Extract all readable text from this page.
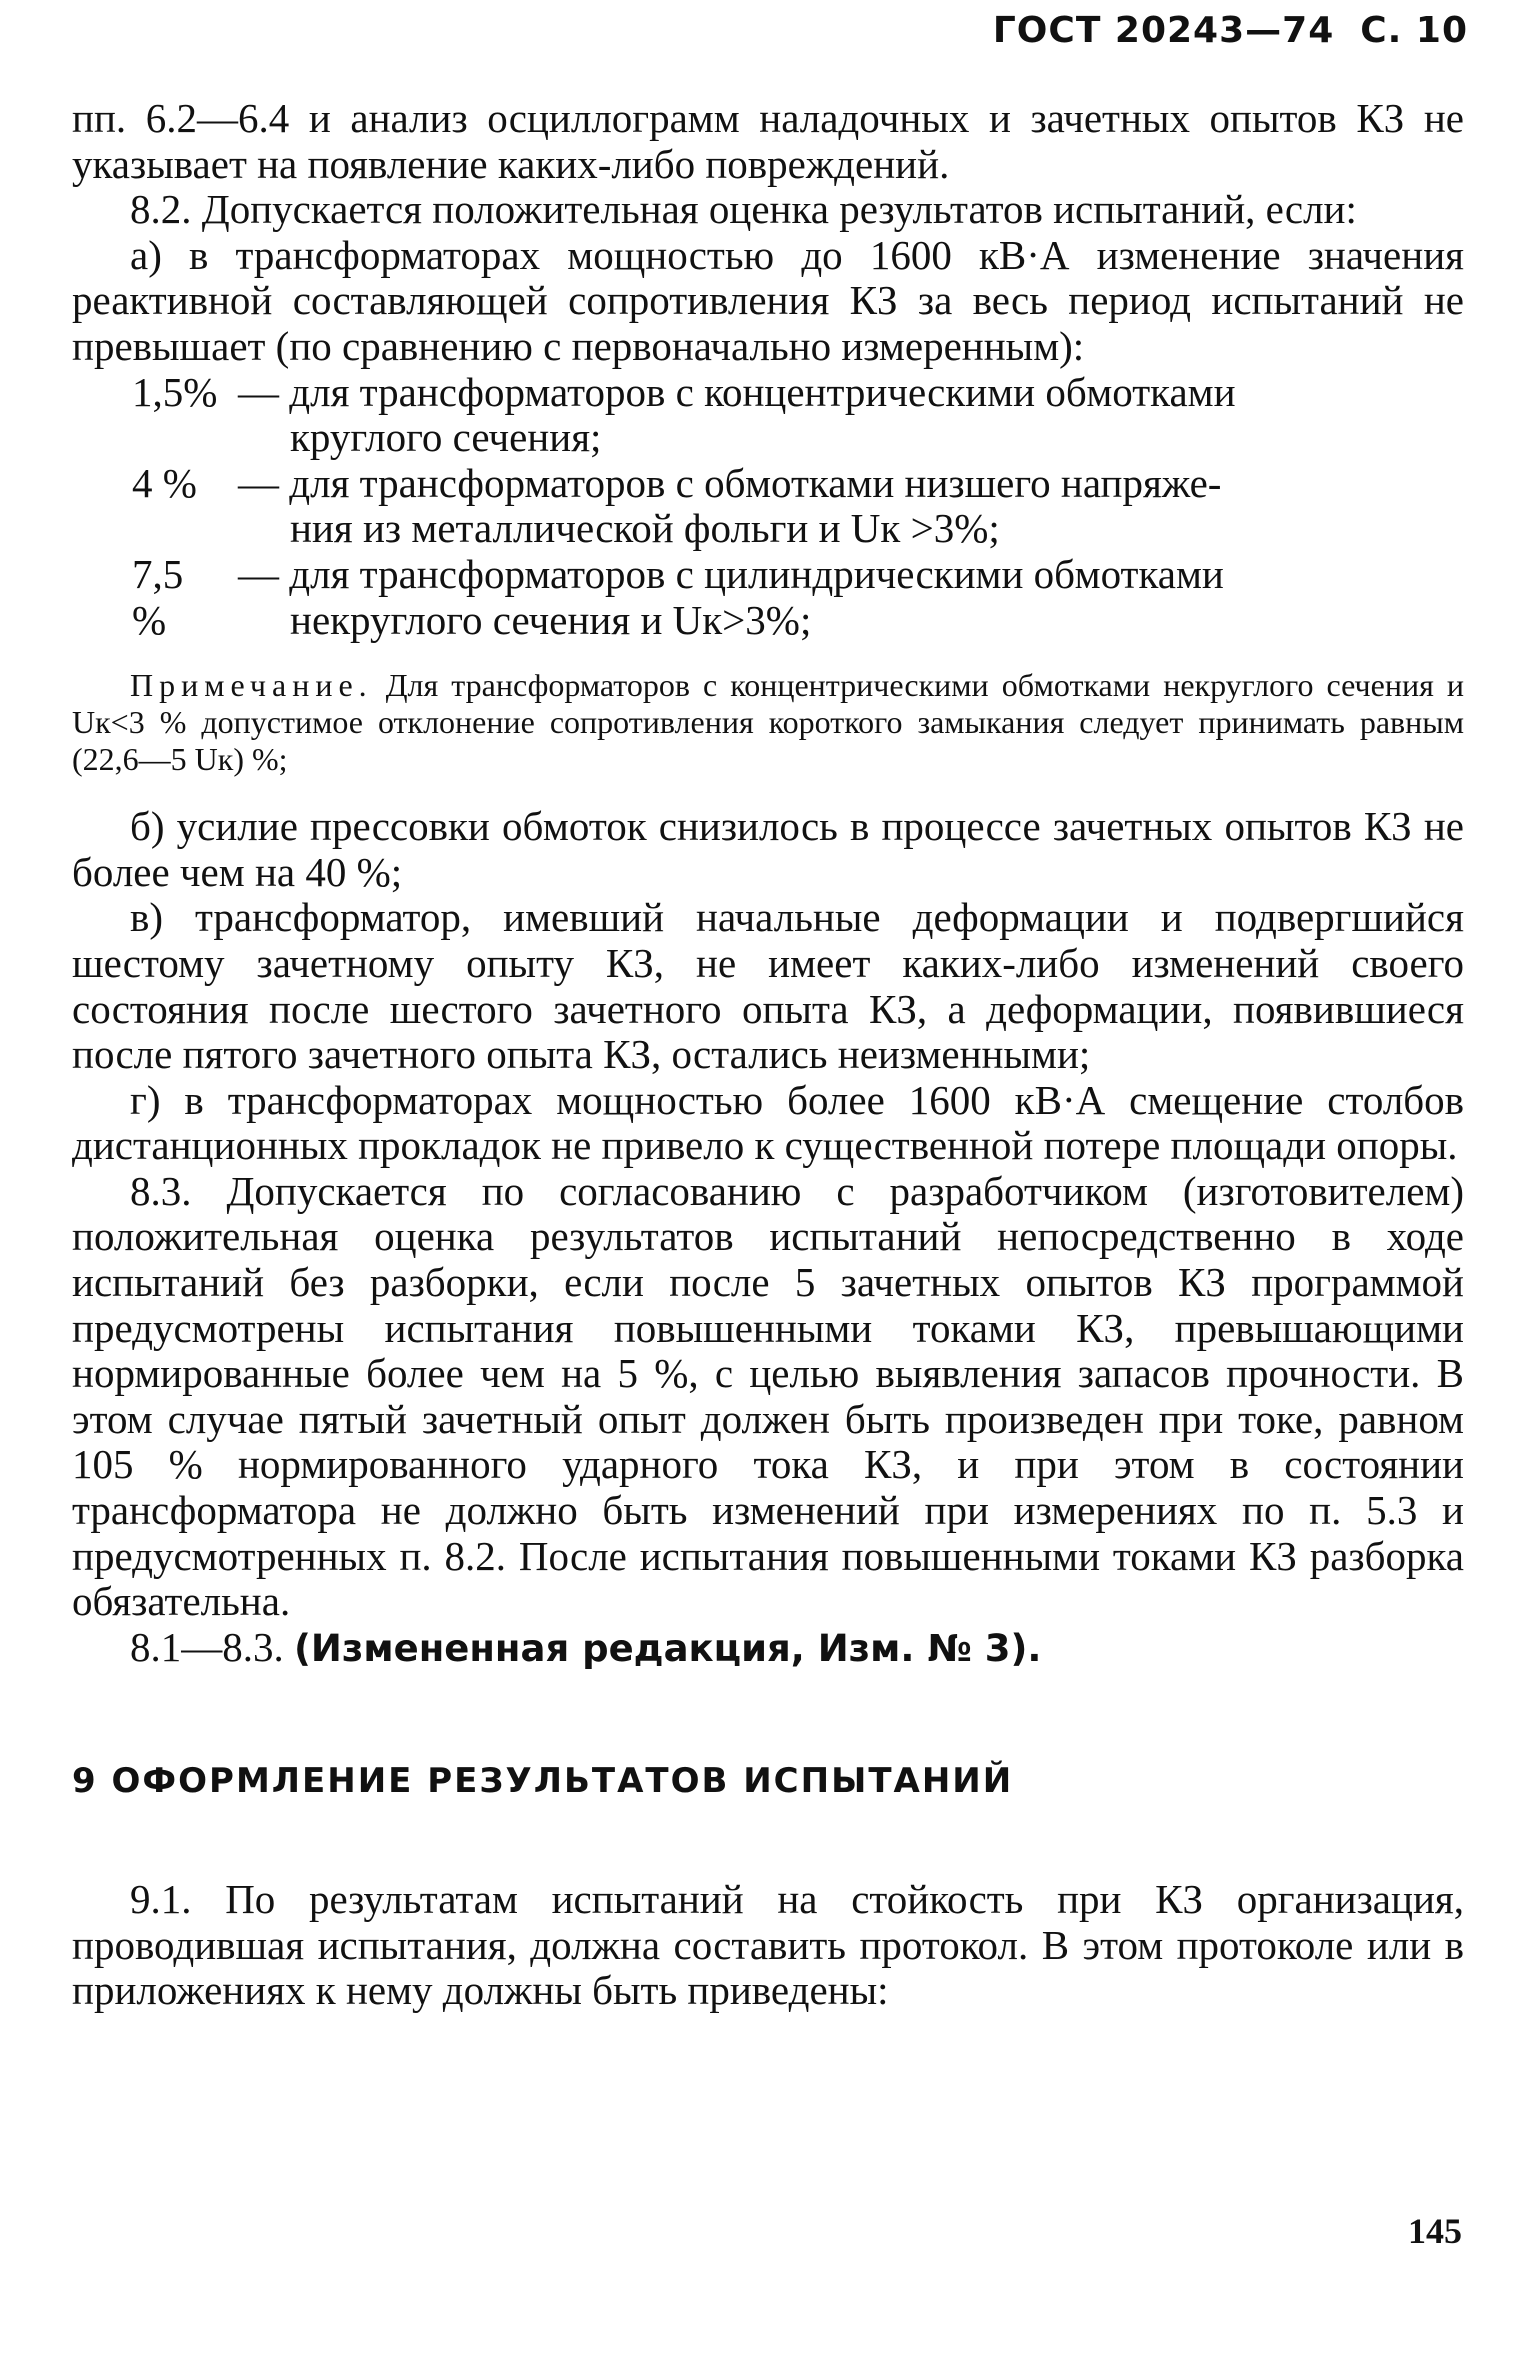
ГОСТ 20243—74 С. 10

пп. 6.2—6.4 и анализ осциллограмм наладочных и зачетных опытов КЗ не указывает на появление каких-либо повреждений.

8.2. Допускается положительная оценка результатов испытаний, если:

а) в трансформаторах мощностью до 1600 кВ·А изменение значения реактивной составляющей сопротивления КЗ за весь период испытаний не превышает (по сравнению с первоначально измеренным):

1,5% — для трансформаторов с концентрическими обмотками
круглого сечения;
4 %	— для трансформаторов с обмотками низшего напряже-
ния из металлической фольги и Uк >3%;
7,5 %
— для трансформаторов с цилиндрическими обмотками
некруглого сечения и Uк>3%;

Примечание. Для трансформаторов с концентрическими обмотками некруглого сечения и Uк<3 % допустимое отклонение сопротивления короткого замыкания следует принимать равным (22,6—5 Uк) %;

б) усилие прессовки обмоток снизилось в процессе зачетных опытов КЗ не более чем на 40 %;

в) трансформатор, имевший начальные деформации и подвергшийся шестому зачетному опыту КЗ, не имеет каких-либо изменений своего состояния после шестого зачетного опыта КЗ, а деформации, появившиеся после пятого зачетного опыта КЗ, остались неизменными;

г) в трансформаторах мощностью более 1600 кВ·А смещение столбов дистанционных прокладок не привело к существенной потере площади опоры.

8.3. Допускается по согласованию с разработчиком (изготовителем) положительная оценка результатов испытаний непосредственно в ходе испытаний без разборки, если после 5 зачетных опытов КЗ программой предусмотрены испытания повышенными токами КЗ, превышающими нормированные более чем на 5 %, с целью выявления запасов прочности. В этом случае пятый зачетный опыт должен быть произведен при токе, равном 105 % нормированного ударного тока КЗ, и при этом в состоянии трансформатора не должно быть изменений при измерениях по п. 5.3 и предусмотренных п. 8.2. После испытания повышенными токами КЗ разборка обязательна.

8.1—8.3. (Измененная редакция, Изм. № 3).

9 ОФОРМЛЕНИЕ РЕЗУЛЬТАТОВ ИСПЫТАНИЙ

9.1. По результатам испытаний на стойкость при КЗ организация, проводившая испытания, должна составить протокол. В этом протоколе или в приложениях к нему должны быть приведены:

145
